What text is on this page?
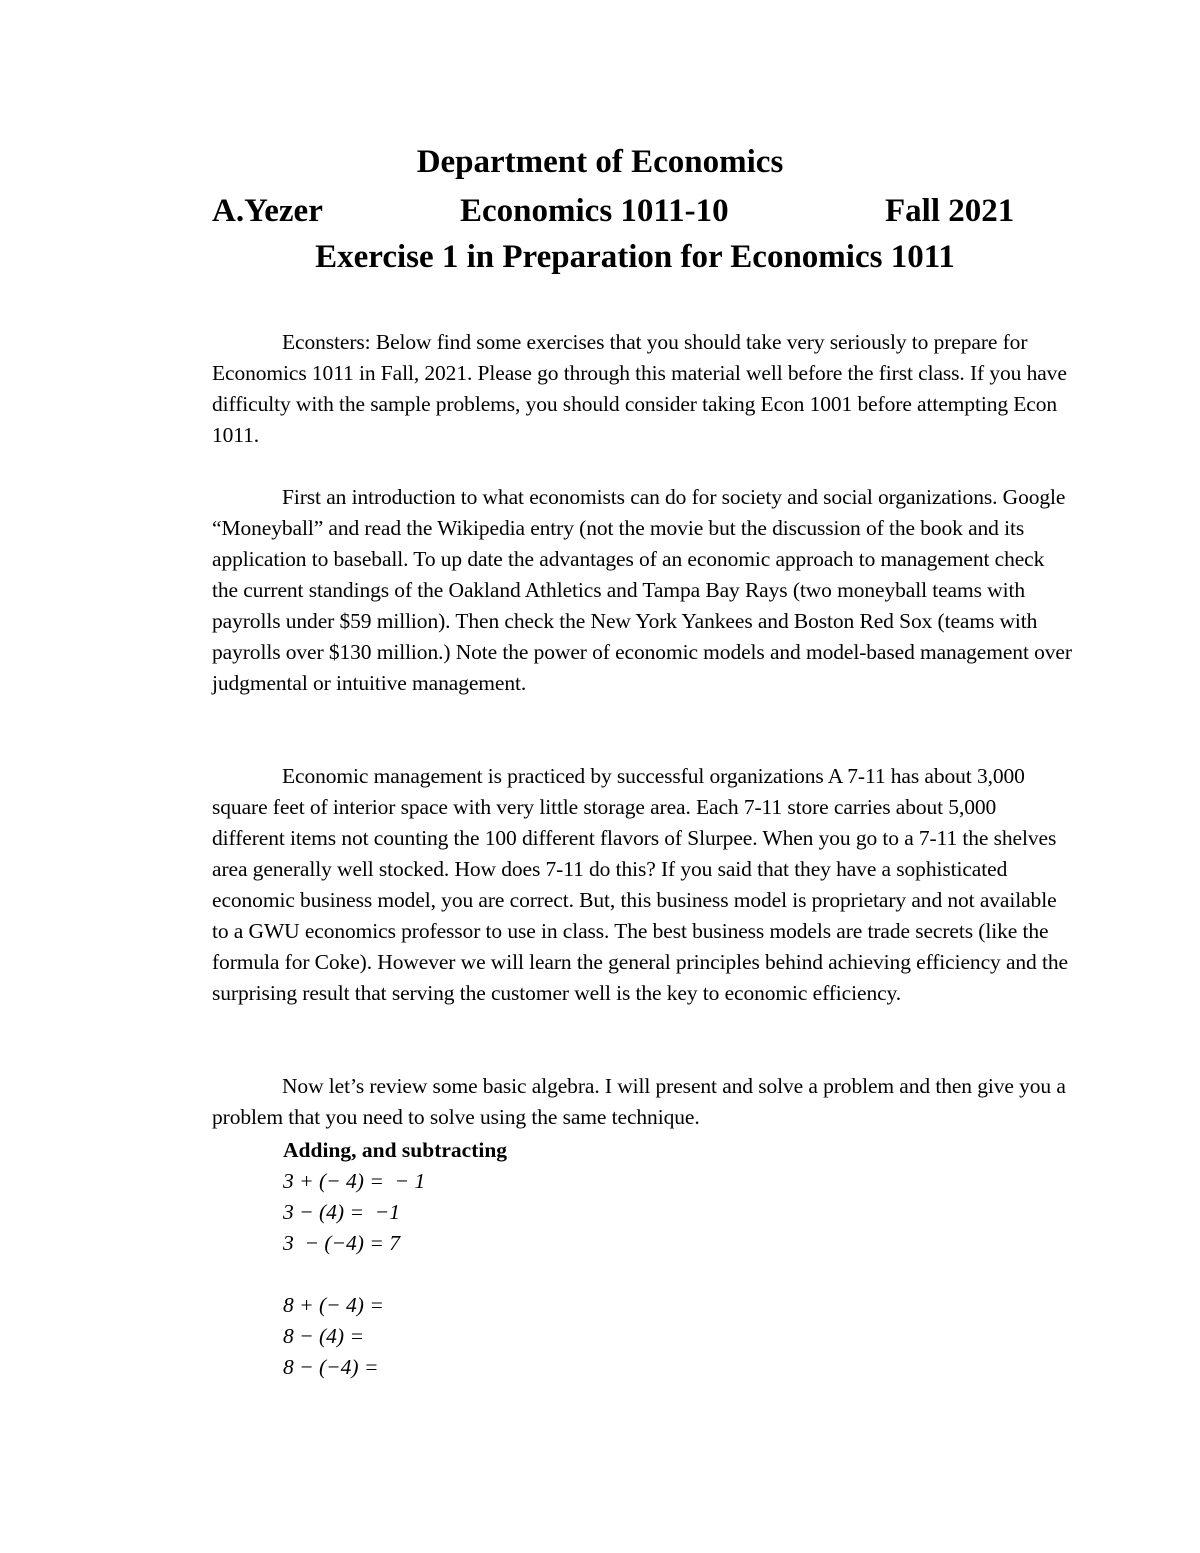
Department of Economics
A.Yezer	Economics 1011-10	Fall 2021
Exercise 1 in Preparation for Economics 1011

Econsters: Below find some exercises that you should take very seriously to prepare for Economics 1011 in Fall, 2021. Please go through this material well before the first class. If you have difficulty with the sample problems, you should consider taking Econ 1001 before attempting Econ 1011.

First an introduction to what economists can do for society and social organizations. Google “Moneyball” and read the Wikipedia entry (not the movie but the discussion of the book and its application to baseball. To up date the advantages of an economic approach to management check the current standings of the Oakland Athletics and Tampa Bay Rays (two moneyball teams with payrolls under $59 million). Then check the New York Yankees and Boston Red Sox (teams with payrolls over $130 million.) Note the power of economic models and model-based management over judgmental or intuitive management.

Economic management is practiced by successful organizations A 7-11 has about 3,000 square feet of interior space with very little storage area. Each 7-11 store carries about 5,000 different items not counting the 100 different flavors of Slurpee. When you go to a 7-11 the shelves area generally well stocked. How does 7-11 do this? If you said that they have a sophisticated economic business model, you are correct. But, this business model is proprietary and not available to a GWU economics professor to use in class. The best business models are trade secrets (like the formula for Coke). However we will learn the general principles behind achieving efficiency and the surprising result that serving the customer well is the key to economic efficiency.

Now let’s review some basic algebra. I will present and solve a problem and then give you a problem that you need to solve using the same technique.

Adding, and subtracting
3 + (− 4) =  − 1
3 − (4) =  −1
3  − (−4) = 7
8 + (− 4) =
8 − (4) =
8 − (−4) =
